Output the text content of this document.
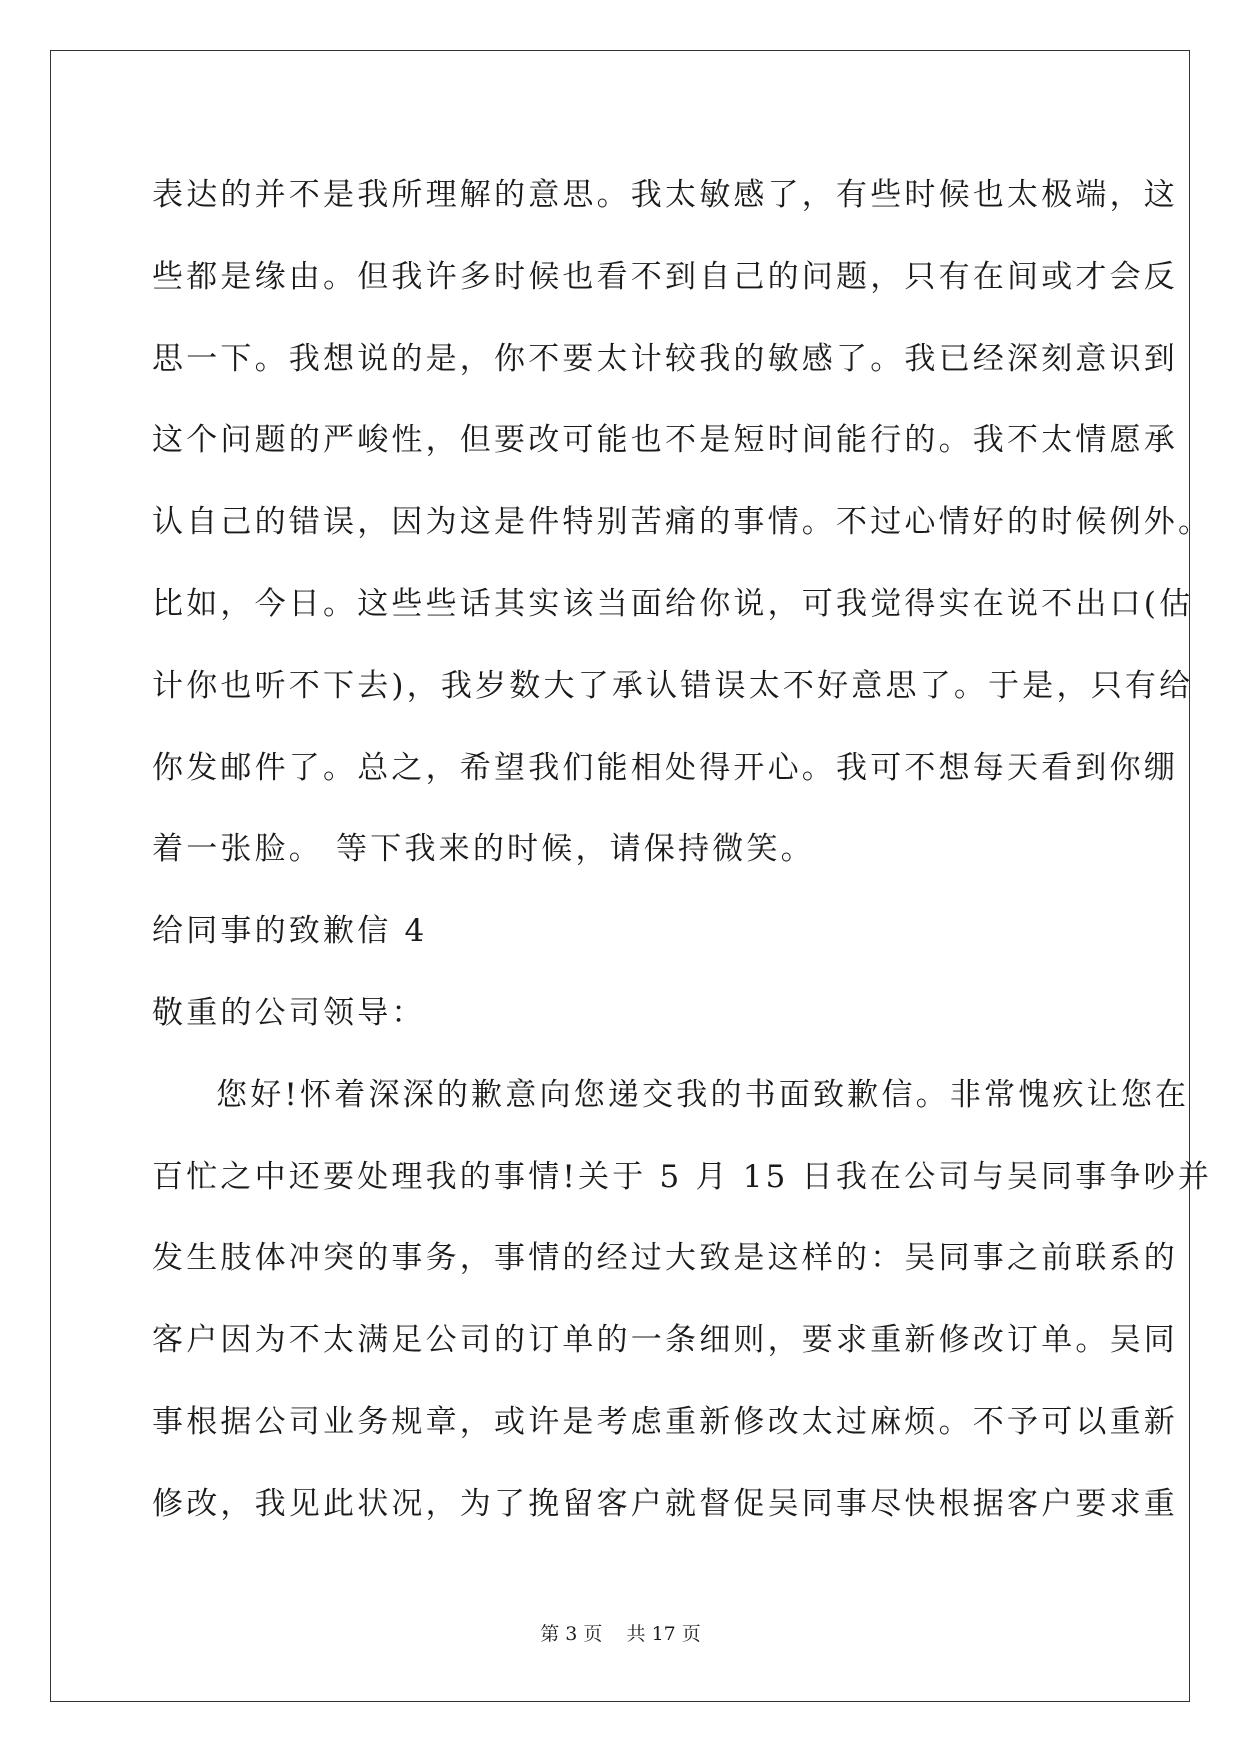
表达的并不是我所理解的意思。我太敏感了，有些时候也太极端，这
些都是缘由。但我许多时候也看不到自己的问题，只有在间或才会反
思一下。我想说的是，你不要太计较我的敏感了。我已经深刻意识到
这个问题的严峻性，但要改可能也不是短时间能行的。我不太情愿承
认自己的错误，因为这是件特别苦痛的事情。不过心情好的时候例外。
比如，今日。这些些话其实该当面给你说，可我觉得实在说不出口(估
计你也听不下去)，我岁数大了承认错误太不好意思了。于是，只有给
你发邮件了。总之，希望我们能相处得开心。我可不想每天看到你绷
着一张脸。 等下我来的时候，请保持微笑。
给同事的致歉信 4
敬重的公司领导：
您好!怀着深深的歉意向您递交我的书面致歉信。非常愧疚让您在
百忙之中还要处理我的事情!关于 5 月 15 日我在公司与吴同事争吵并
发生肢体冲突的事务，事情的经过大致是这样的：吴同事之前联系的
客户因为不太满足公司的订单的一条细则，要求重新修改订单。吴同
事根据公司业务规章，或许是考虑重新修改太过麻烦。不予可以重新
修改，我见此状况，为了挽留客户就督促吴同事尽快根据客户要求重
第 3 页    共 17 页
